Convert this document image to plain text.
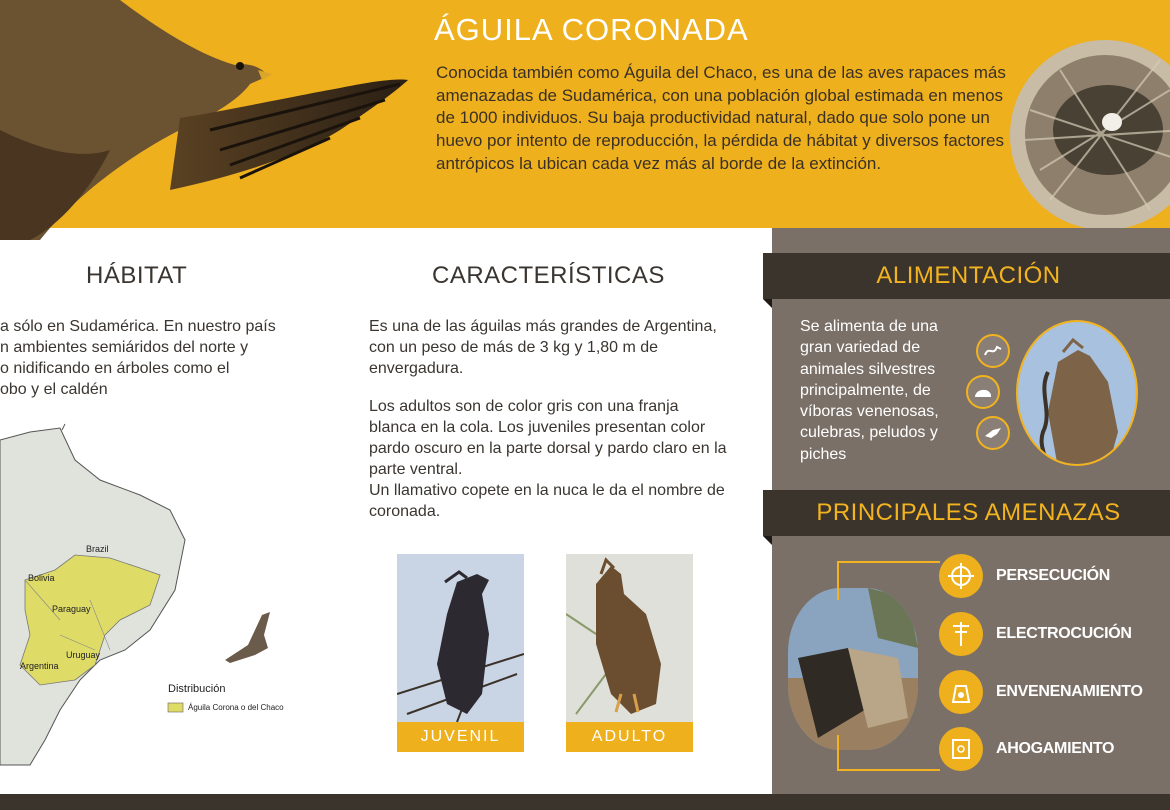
ÁGUILA CORONADA
Conocida también como Águila del Chaco, es una de las aves rapaces más amenazadas de Sudamérica, con una población global estimada en menos de 1000 individuos. Su baja productividad natural, dado que solo pone un huevo por intento de reproducción, la pérdida de hábitat y diversos factores antrópicos la ubican cada vez más al borde de la extinción.
HÁBITAT
a sólo en Sudamérica. En nuestro país
n ambientes semiáridos del norte y
o nidificando en árboles como el
obo y el caldén
Brazil
Bolivia
Paraguay
Uruguay
Argentina
Distribución
Águila Corona o del Chaco
CARACTERÍSTICAS
Es una de las águilas más grandes de Argentina, con un peso de más de 3 kg y 1,80 m de envergadura.
Los adultos son de color gris con una franja blanca en la cola. Los juveniles presentan color pardo oscuro en la parte dorsal y pardo claro en la parte ventral.
Un llamativo copete en la nuca le da el nombre de coronada.
JUVENIL	ADULTO
ALIMENTACIÓN
Se alimenta de una gran variedad de animales silvestres principalmente, de víboras venenosas, culebras, peludos y piches
PRINCIPALES AMENAZAS
PERSECUCIÓN
ELECTROCUCIÓN
ENVENENAMIENTO
AHOGAMIENTO
